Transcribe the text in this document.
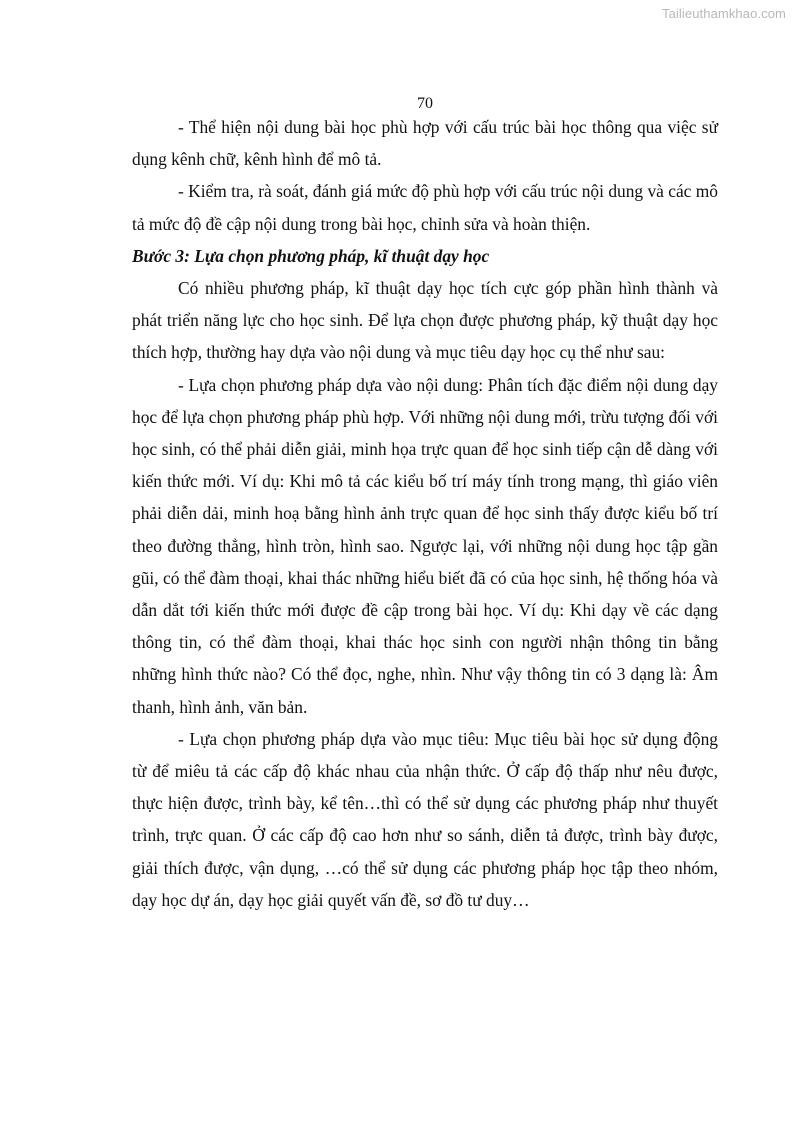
Tailieuthamkhao.com
70

- Thể hiện nội dung bài học phù hợp với cấu trúc bài học thông qua việc sử dụng kênh chữ, kênh hình để mô tả.

- Kiểm tra, rà soát, đánh giá mức độ phù hợp với cấu trúc nội dung và các mô tả mức độ đề cập nội dung trong bài học, chỉnh sửa và hoàn thiện.

Bước 3: Lựa chọn phương pháp, kĩ thuật dạy học

Có nhiều phương pháp, kĩ thuật dạy học tích cực góp phần hình thành và phát triển năng lực cho học sinh. Để lựa chọn được phương pháp, kỹ thuật dạy học thích hợp, thường hay dựa vào nội dung và mục tiêu dạy học cụ thể như sau:

- Lựa chọn phương pháp dựa vào nội dung: Phân tích đặc điểm nội dung dạy học để lựa chọn phương pháp phù hợp. Với những nội dung mới, trừu tượng đối với học sinh, có thể phải diễn giải, minh họa trực quan để học sinh tiếp cận dễ dàng với kiến thức mới. Ví dụ: Khi mô tả các kiểu bố trí máy tính trong mạng, thì giáo viên phải diễn dải, minh hoạ bằng hình ảnh trực quan để học sinh thấy được kiểu bố trí theo đường thẳng, hình tròn, hình sao. Ngược lại, với những nội dung học tập gần gũi, có thể đàm thoại, khai thác những hiểu biết đã có của học sinh, hệ thống hóa và dẫn dắt tới kiến thức mới được đề cập trong bài học. Ví dụ: Khi dạy về các dạng thông tin, có thể đàm thoại, khai thác học sinh con người nhận thông tin bằng những hình thức nào? Có thể đọc, nghe, nhìn. Như vậy thông tin có 3 dạng là: Âm thanh, hình ảnh, văn bản.

- Lựa chọn phương pháp dựa vào mục tiêu: Mục tiêu bài học sử dụng động từ để miêu tả các cấp độ khác nhau của nhận thức. Ở cấp độ thấp như nêu được, thực hiện được, trình bày, kể tên…thì có thể sử dụng các phương pháp như thuyết trình, trực quan. Ở các cấp độ cao hơn như so sánh, diễn tả được, trình bày được, giải thích được, vận dụng, …có thể sử dụng các phương pháp học tập theo nhóm, dạy học dự án, dạy học giải quyết vấn đề, sơ đồ tư duy…
